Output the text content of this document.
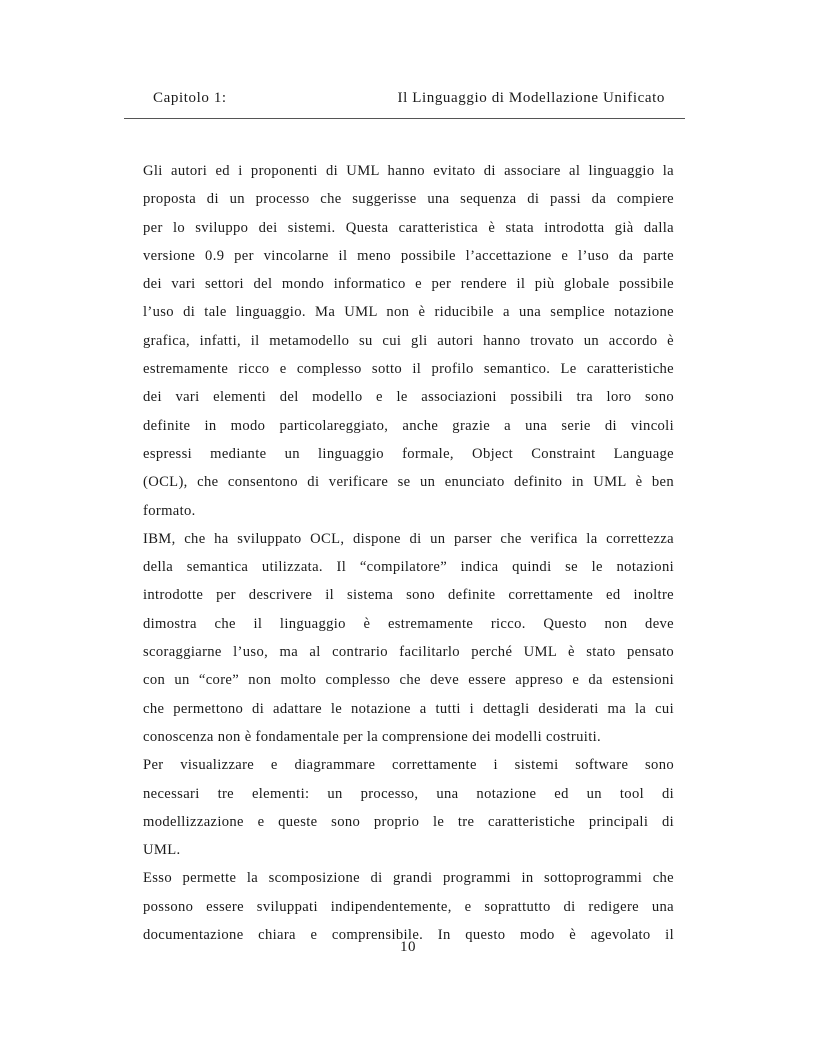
Capitolo 1:	Il Linguaggio di Modellazione Unificato
Gli autori ed i proponenti di UML hanno evitato di associare al linguaggio la
proposta di un processo che suggerisse una sequenza di passi da compiere
per lo sviluppo dei sistemi. Questa caratteristica è stata introdotta già dalla
versione 0.9 per vincolarne il meno possibile l’accettazione e l’uso da parte
dei vari settori del mondo informatico e per rendere il più globale possibile
l’uso di tale linguaggio. Ma UML non è riducibile a una semplice notazione
grafica, infatti, il metamodello su cui gli autori hanno trovato un accordo è
estremamente ricco e complesso sotto il profilo semantico. Le caratteristiche
dei vari elementi del modello e le associazioni possibili tra loro sono
definite in modo particolareggiato, anche grazie a una serie di vincoli
espressi mediante un linguaggio formale, Object Constraint Language
(OCL), che consentono di verificare se un enunciato definito in UML è ben
formato.
IBM, che ha sviluppato OCL, dispone di un parser che verifica la correttezza
della semantica utilizzata. Il “compilatore” indica quindi se le notazioni
introdotte per descrivere il sistema sono definite correttamente ed inoltre
dimostra che il linguaggio è estremamente ricco. Questo non deve
scoraggiarne l’uso, ma al contrario facilitarlo perché UML è stato pensato
con un “core” non molto complesso che deve essere appreso e da estensioni
che permettono di adattare le notazione a tutti i dettagli desiderati ma la cui
conoscenza non è fondamentale per la comprensione dei modelli costruiti.
Per visualizzare e diagrammare correttamente i sistemi software sono
necessari tre elementi: un processo, una notazione ed un tool di
modellizzazione e queste sono proprio le tre caratteristiche principali di
UML.
Esso permette la scomposizione di grandi programmi in sottoprogrammi che
possono essere sviluppati indipendentemente, e soprattutto di redigere una
documentazione chiara e comprensibile. In questo modo è agevolato il
10
